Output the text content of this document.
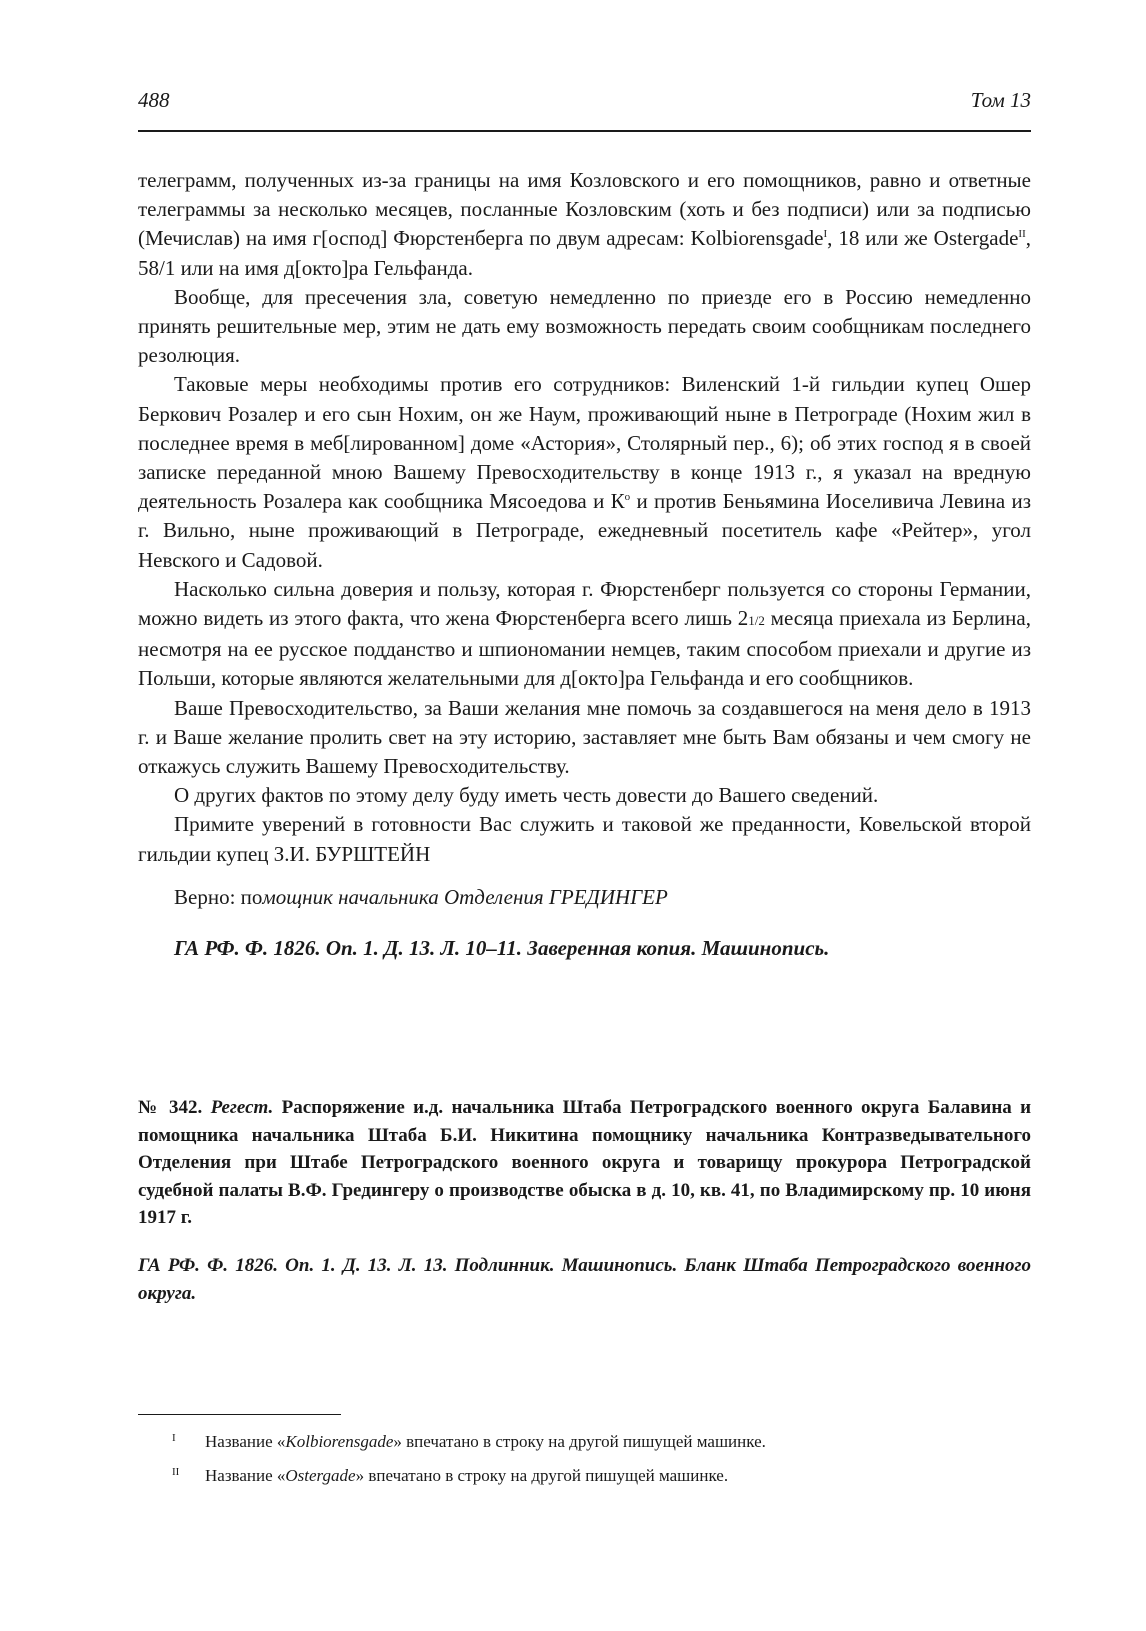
488	Том 13

телеграмм, полученных из-за границы на имя Козловского и его помощников, равно и ответные телеграммы за несколько месяцев, посланные Козловским (хоть и без подписи) или за подписью (Мечислав) на имя г[оспод] Фюрстенберга по двум адресам: Kolbiorensgade$^I$, 18 или же Ostergade$^{II}$, 58/1 или на имя д[окто]ра Гельфанда.

Вообще, для пресечения зла, советую немедленно по приезде его в Россию немедленно принять решительные мер, этим не дать ему возможность передать своим сообщникам последнего резолюция.

Таковые меры необходимы против его сотрудников: Виленский 1-й гильдии купец Ошер Беркович Розалер и его сын Нохим, он же Наум, проживающий ныне в Петрограде (Нохим жил в последнее время в меб[лированном] доме «Астория», Столярный пер., 6); об этих господ я в своей записке переданной мною Вашему Превосходительству в конце 1913 г., я указал на вредную деятельность Розалера как сообщника Мясоедова и $К^о$ и против Беньямина Иоселивича Левина из г. Вильно, ныне проживающий в Петрограде, ежедневный посетитель кафе «Рейтер», угол Невского и Садовой.

Насколько сильна доверия и пользу, которая г. Фюрстенберг пользуется со стороны Германии, можно видеть из этого факта, что жена Фюрстенберга всего лишь 21/2 месяца приехала из Берлина, несмотря на ее русское подданство и шпиономании немцев, таким способом приехали и другие из Польши, которые являются желательными для д[окто]ра Гельфанда и его сообщников.

Ваше Превосходительство, за Ваши желания мне помочь за создавшегося на меня дело в 1913 г. и Ваше желание пролить свет на эту историю, заставляет мне быть Вам обязаны и чем смогу не откажусь служить Вашему Превосходительству.

О других фактов по этому делу буду иметь честь довести до Вашего сведений.

Примите уверений в готовности Вас служить и таковой же преданности, Ковельской второй гильдии купец З.И. БУРШТЕЙН

Верно: помощник начальника Отделения ГРЕДИНГЕР

ГА РФ. Ф. 1826. Оп. 1. Д. 13. Л. 10–11. Заверенная копия. Машинопись.

№ 342. Регест. Распоряжение и.д. начальника Штаба Петроградского военного округа Балавина и помощника начальника Штаба Б.И. Никитина помощнику начальника Контразведывательного Отделения при Штабе Петроградского военного округа и товарищу прокурора Петроградской судебной палаты В.Ф. Гредингеру о производстве обыска в д. 10, кв. 41, по Владимирскому пр. 10 июня 1917 г.
ГА РФ. Ф. 1826. Оп. 1. Д. 13. Л. 13. Подлинник. Машинопись. Бланк Штаба Петроградского военного округа.
I Название «Kolbiorensgade» впечатано в строку на другой пишущей машинке.
II Название «Ostergade» впечатано в строку на другой пишущей машинке.
